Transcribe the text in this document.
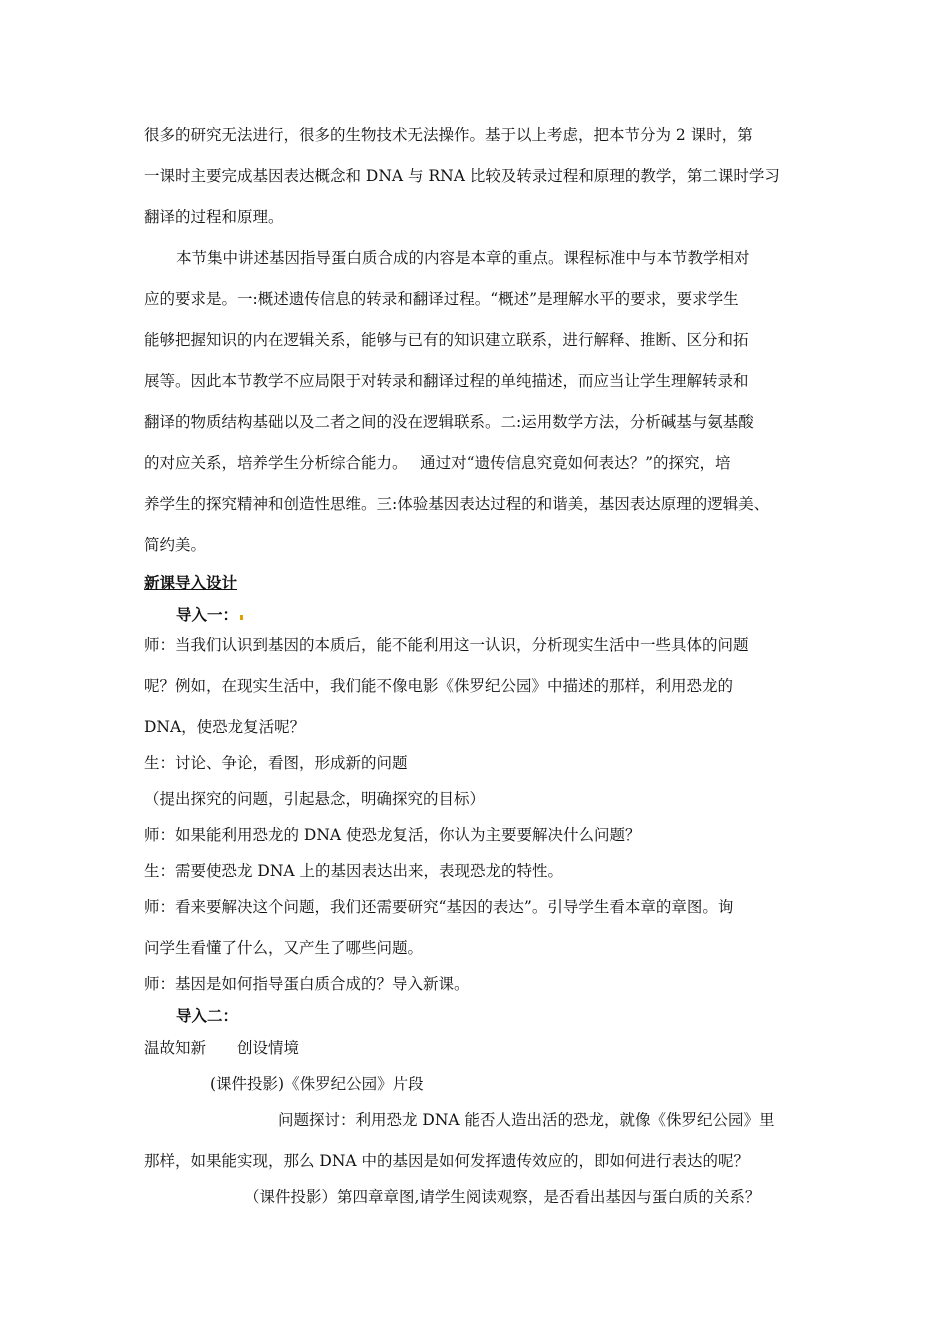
很多的研究无法进行，很多的生物技术无法操作。基于以上考虑，把本节分为 2 课时，第
一课时主要完成基因表达概念和 DNA 与 RNA 比较及转录过程和原理的教学，第二课时学习
翻译的过程和原理。
本节集中讲述基因指导蛋白质合成的内容是本章的重点。课程标准中与本节教学相对
应的要求是。一:概述遗传信息的转录和翻译过程。“概述”是理解水平的要求，要求学生
能够把握知识的内在逻辑关系，能够与已有的知识建立联系，进行解释、推断、区分和拓
展等。因此本节教学不应局限于对转录和翻译过程的单纯描述，而应当让学生理解转录和
翻译的物质结构基础以及二者之间的没在逻辑联系。二:运用数学方法，分析碱基与氨基酸
的对应关系，培养学生分析综合能力。　 通过对“遗传信息究竟如何表达？”的探究，培
养学生的探究精神和创造性思维。三:体验基因表达过程的和谐美，基因表达原理的逻辑美、
简约美。
新课导入设计
导入一：
师：当我们认识到基因的本质后，能不能利用这一认识，分析现实生活中一些具体的问题
呢？例如，在现实生活中，我们能不像电影《侏罗纪公园》中描述的那样，利用恐龙的
DNA，使恐龙复活呢？
生：讨论、争论，看图，形成新的问题
（提出探究的问题，引起悬念，明确探究的目标）
师：如果能利用恐龙的 DNA 使恐龙复活，你认为主要要解决什么问题？
生：需要使恐龙 DNA 上的基因表达出来，表现恐龙的特性。
师：看来要解决这个问题，我们还需要研究“基因的表达”。引导学生看本章的章图。询
问学生看懂了什么，又产生了哪些问题。
师：基因是如何指导蛋白质合成的？导入新课。
导入二：
温故知新　　创设情境
(课件投影)《侏罗纪公园》片段
问题探讨：利用恐龙 DNA 能否人造出活的恐龙，就像《侏罗纪公园》里
那样，如果能实现，那么 DNA 中的基因是如何发挥遗传效应的，即如何进行表达的呢？
（课件投影）第四章章图,请学生阅读观察，是否看出基因与蛋白质的关系？
